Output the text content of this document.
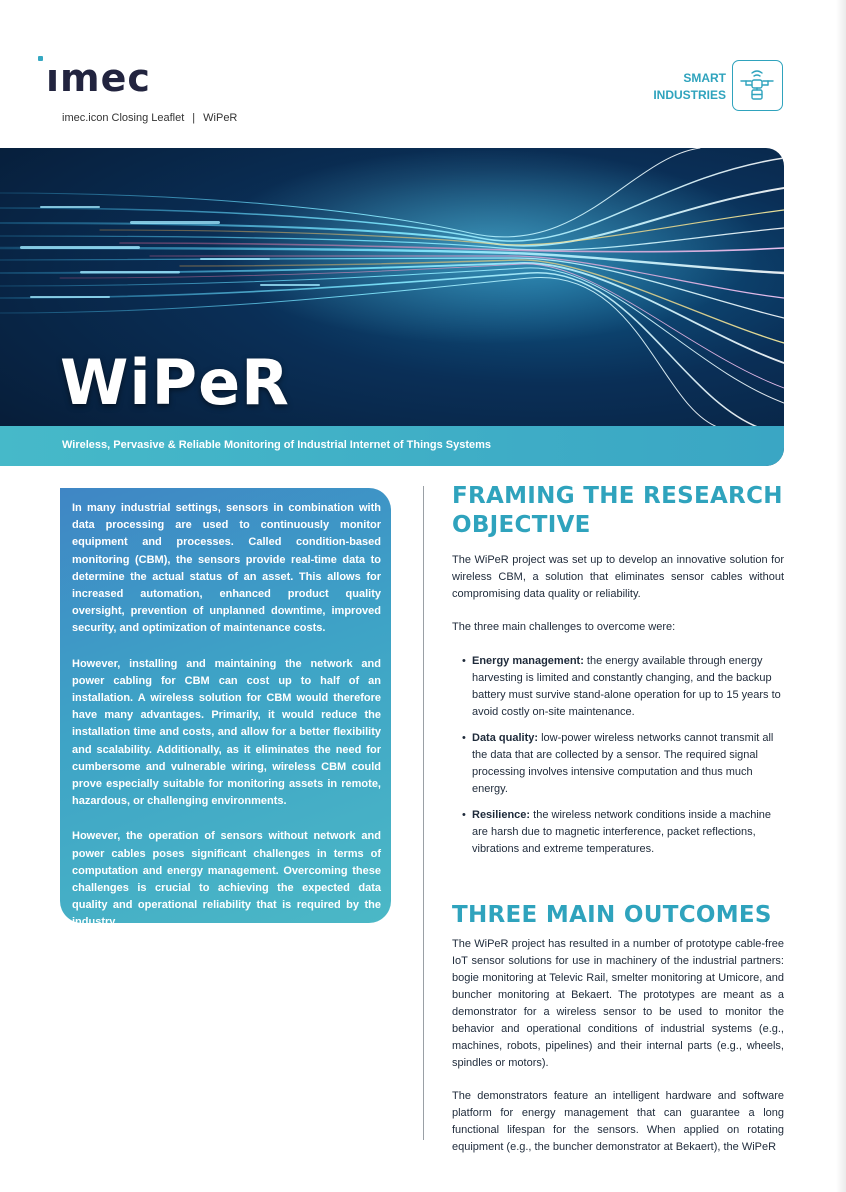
ımec
imec.icon Closing Leaflet | WiPeR
SMART
INDUSTRIES
WiPeR
Wireless, Pervasive & Reliable Monitoring of Industrial Internet of Things Systems

In many industrial settings, sensors in combination with data processing are used to continuously monitor equipment and processes. Called condition-based monitoring (CBM), the sensors provide real-time data to determine the actual status of an asset. This allows for increased automation, enhanced product quality oversight, prevention of unplanned downtime, improved security, and optimization of maintenance costs.

However, installing and maintaining the network and power cabling for CBM can cost up to half of an installation. A wireless solution for CBM would therefore have many advantages. Primarily, it would reduce the installation time and costs, and allow for a better flexibility and scalability. Additionally, as it eliminates the need for cumbersome and vulnerable wiring, wireless CBM could prove especially suitable for monitoring assets in remote, hazardous, or challenging environments.

However, the operation of sensors without network and power cables poses significant challenges in terms of computation and energy management. Overcoming these challenges is crucial to achieving the expected data quality and operational reliability that is required by the industry.

FRAMING THE RESEARCH
OBJECTIVE

The WiPeR project was set up to develop an innovative solution for wireless CBM, a solution that eliminates sensor cables without compromising data quality or reliability.

The three main challenges to overcome were:

• Energy management: the energy available through energy harvesting is limited and constantly changing, and the backup battery must survive stand-alone operation for up to 15 years to avoid costly on-site maintenance.
• Data quality: low-power wireless networks cannot transmit all the data that are collected by a sensor. The required signal processing involves intensive computation and thus much energy.
• Resilience: the wireless network conditions inside a machine are harsh due to magnetic interference, packet reflections, vibrations and extreme temperatures.
THREE MAIN OUTCOMES

The WiPeR project has resulted in a number of prototype cable-free IoT sensor solutions for use in machinery of the industrial partners: bogie monitoring at Televic Rail, smelter monitoring at Umicore, and buncher monitoring at Bekaert. The prototypes are meant as a demonstrator for a wireless sensor to be used to monitor the behavior and operational conditions of industrial systems (e.g., machines, robots, pipelines) and their internal parts (e.g., wheels, spindles or motors).

The demonstrators feature an intelligent hardware and software platform for energy management that can guarantee a long functional lifespan for the sensors. When applied on rotating equipment (e.g., the buncher demonstrator at Bekaert), the WiPeR
